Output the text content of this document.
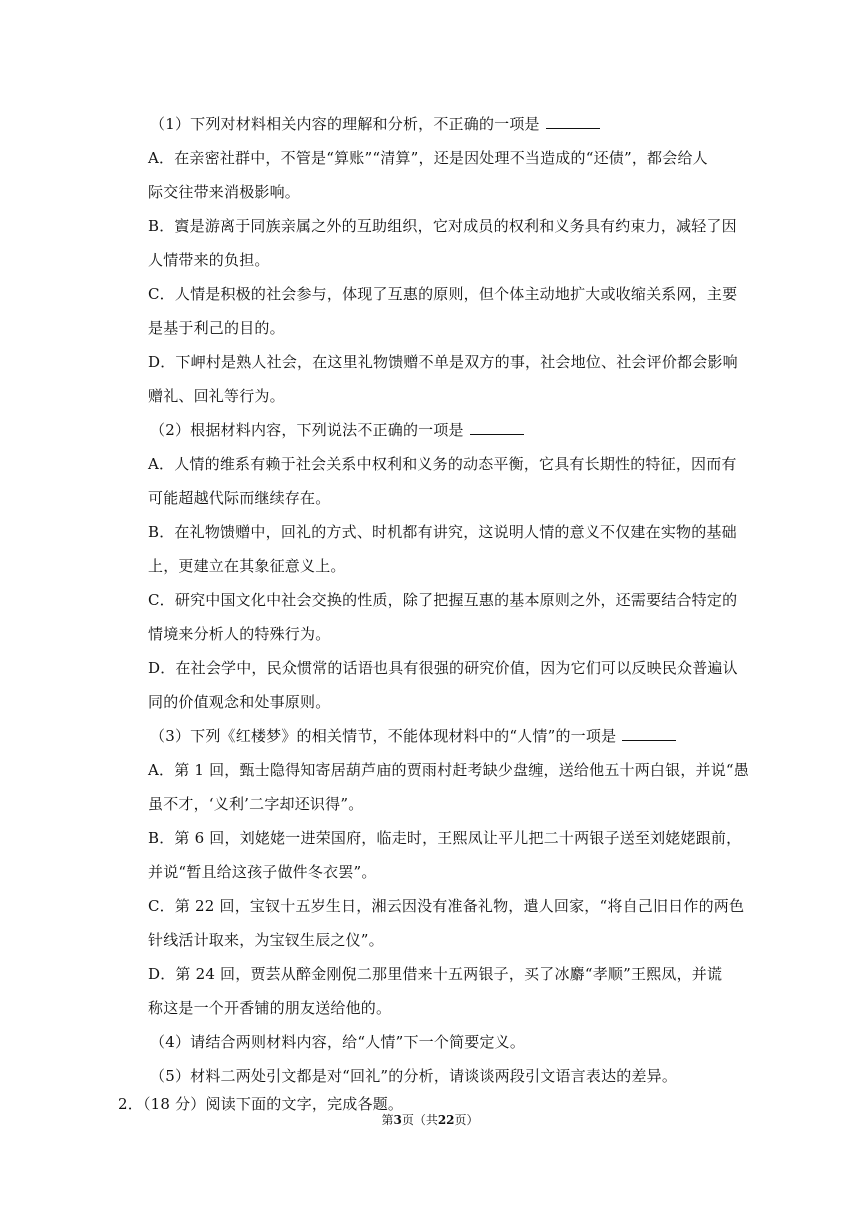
（1）下列对材料相关内容的理解和分析，不正确的一项是
A．在亲密社群中，不管是“算账”“清算”，还是因处理不当造成的“还债”，都会给人
际交往带来消极影响。
B．賨是游离于同族亲属之外的互助组织，它对成员的权利和义务具有约束力，减轻了因
人情带来的负担。
C．人情是积极的社会参与，体现了互惠的原则，但个体主动地扩大或收缩关系网，主要
是基于利己的目的。
D．下岬村是熟人社会，在这里礼物馈赠不单是双方的事，社会地位、社会评价都会影响
赠礼、回礼等行为。
（2）根据材料内容，下列说法不正确的一项是
A．人情的维系有赖于社会关系中权利和义务的动态平衡，它具有长期性的特征，因而有
可能超越代际而继续存在。
B．在礼物馈赠中，回礼的方式、时机都有讲究，这说明人情的意义不仅建在实物的基础
上，更建立在其象征意义上。
C．研究中国文化中社会交换的性质，除了把握互惠的基本原则之外，还需要结合特定的
情境来分析人的特殊行为。
D．在社会学中，民众惯常的话语也具有很强的研究价值，因为它们可以反映民众普遍认
同的价值观念和处事原则。
（3）下列《红楼梦》的相关情节，不能体现材料中的“人情”的一项是
A．第 1 回，甄士隐得知寄居葫芦庙的贾雨村赶考缺少盘缠，送给他五十两白银，并说“愚
虽不才，‘义利’二字却还识得”。
B．第 6 回，刘姥姥一进荣国府，临走时，王熙凤让平儿把二十两银子送至刘姥姥跟前，
并说“暂且给这孩子做件冬衣罢”。
C．第 22 回，宝钗十五岁生日，湘云因没有准备礼物，遣人回家，“将自己旧日作的两色
针线活计取来，为宝钗生辰之仪”。
D．第 24 回，贾芸从醉金刚倪二那里借来十五两银子，买了冰麝“孝顺”王熙凤，并谎
称这是一个开香铺的朋友送给他的。
（4）请结合两则材料内容，给“人情”下一个简要定义。
（5）材料二两处引文都是对“回礼”的分析，请谈谈两段引文语言表达的差异。
2．（18 分）阅读下面的文字，完成各题。
第3页（共22页）
